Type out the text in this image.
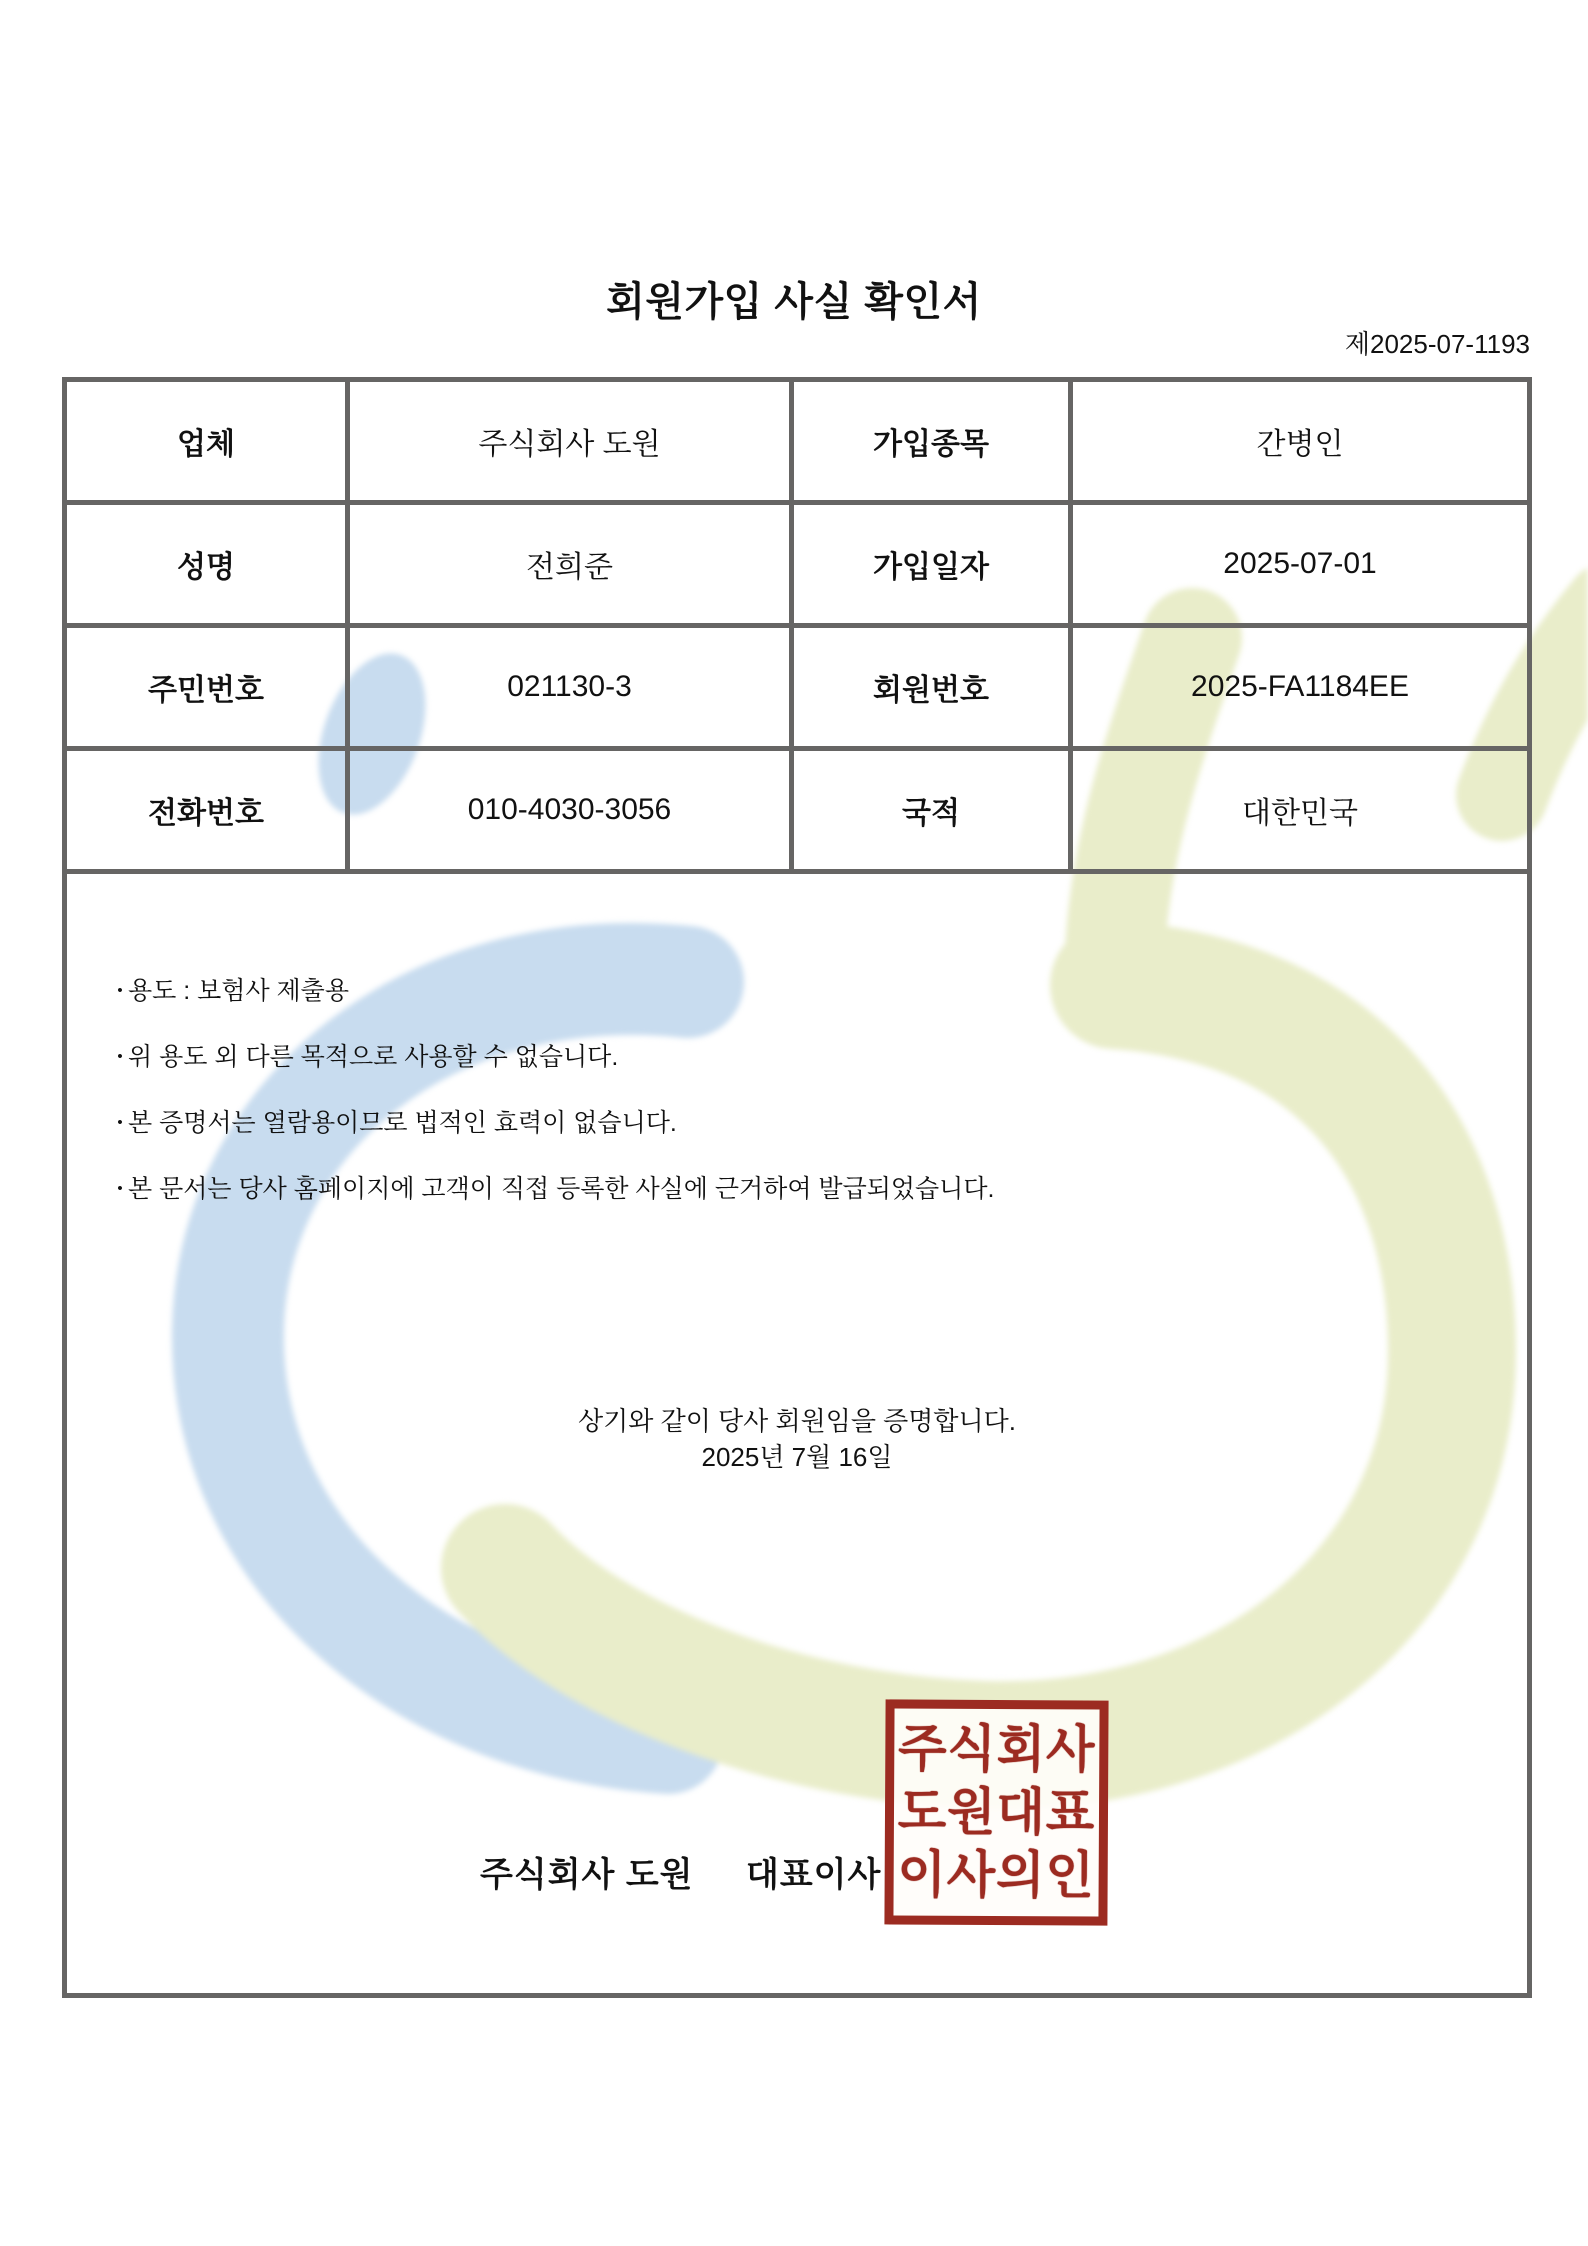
회원가입 사실 확인서
제2025-07-1193
업체	주식회사 도원	가입종목	간병인
성명	전희준	가입일자	2025-07-01
주민번호	021130-3	회원번호	2025-FA1184EE
전화번호	010-4030-3056	국적	대한민국

• 용도 : 보험사 제출용
• 위 용도 외 다른 목적으로 사용할 수 없습니다.
• 본 증명서는 열람용이므로 법적인 효력이 없습니다.
• 본 문서는 당사 홈페이지에 고객이 직접 등록한 사실에 근거하여 발급되었습니다.
상기와 같이 당사 회원임을 증명합니다.
2025년 7월 16일
주식회사 도원 대표이사
주식회사
도원대표
이사의인
